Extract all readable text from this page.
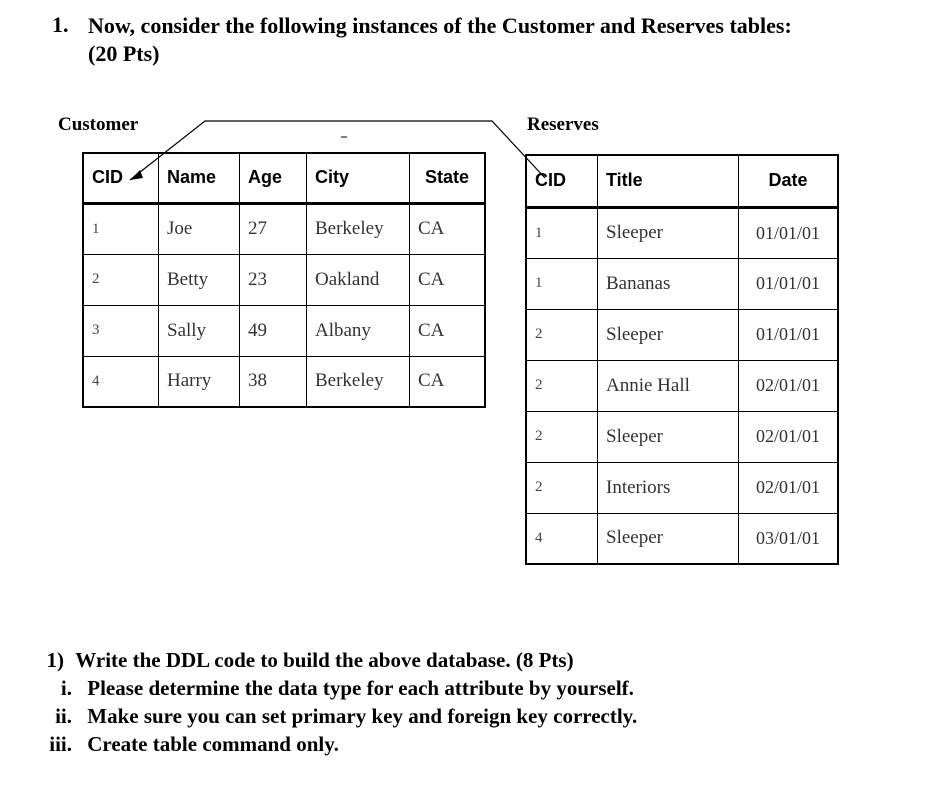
1. Now, consider the following instances of the Customer and Reserves tables:
(20 Pts)
Customer	Reserves
CID	Name	Age	City	State
1	Joe	27	Berkeley	CA
2	Betty	23	Oakland	CA
3	Sally	49	Albany	CA
4	Harry	38	Berkeley	CA
CID	Title	Date
1	Sleeper	01/01/01
1	Bananas	01/01/01
2	Sleeper	01/01/01
2	Annie Hall	02/01/01
2	Sleeper	02/01/01
2	Interiors	02/01/01
4	Sleeper	03/01/01
1) Write the DDL code to build the above database. (8 Pts)
i. Please determine the data type for each attribute by yourself.
ii. Make sure you can set primary key and foreign key correctly.
iii. Create table command only.
